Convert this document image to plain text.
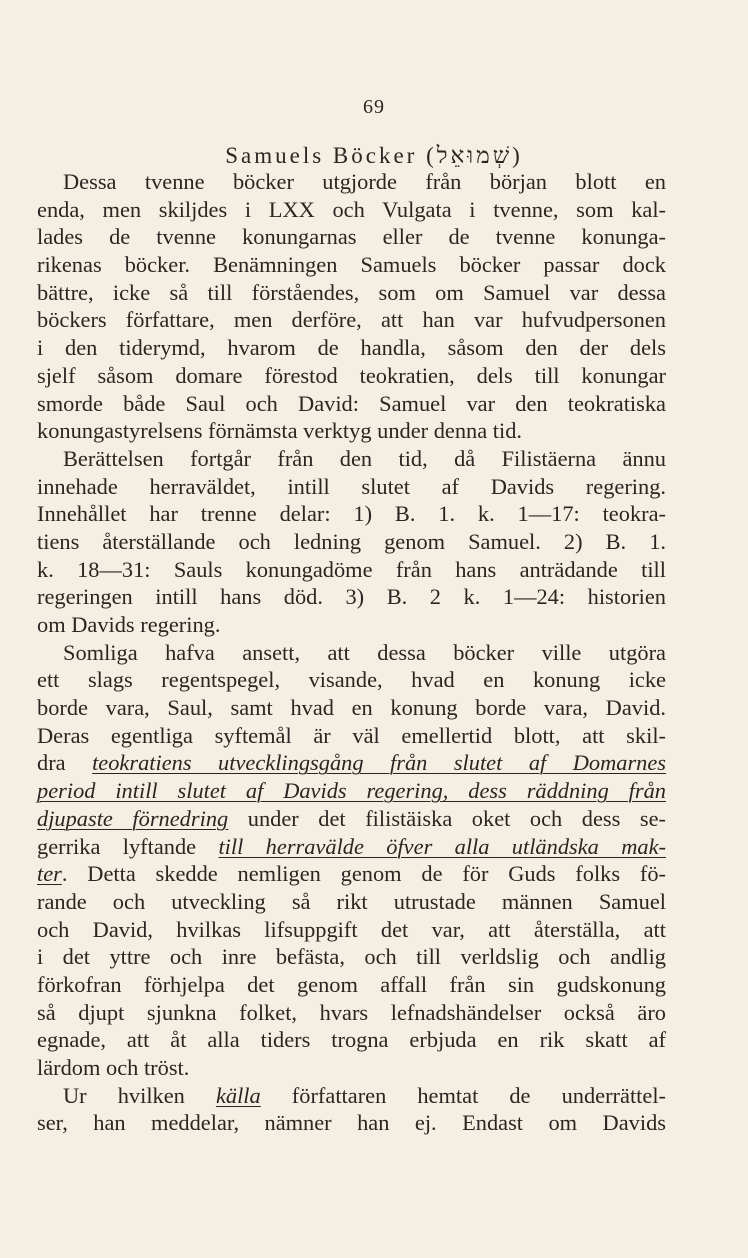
69
Samuels Böcker (שְׁמוּאֵל)
Dessa tvenne böcker utgjorde från början blott en
enda, men skiljdes i LXX och Vulgata i tvenne, som kal-
lades de tvenne konungarnas eller de tvenne konunga-
rikenas böcker. Benämningen Samuels böcker passar dock
bättre, icke så till förståendes, som om Samuel var dessa
böckers författare, men derföre, att han var hufvudpersonen
i den tiderymd, hvarom de handla, såsom den der dels
sjelf såsom domare förestod teokratien, dels till konungar
smorde både Saul och David: Samuel var den teokratiska
konungastyrelsens förnämsta verktyg under denna tid.
Berättelsen fortgår från den tid, då Filistäerna ännu
innehade herraväldet, intill slutet af Davids regering.
Innehållet har trenne delar: 1) B. 1. k. 1—17: teokra-
tiens återställande och ledning genom Samuel. 2) B. 1.
k. 18—31: Sauls konungadöme från hans anträdande till
regeringen intill hans död. 3) B. 2 k. 1—24: historien
om Davids regering.
Somliga hafva ansett, att dessa böcker ville utgöra
ett slags regentspegel, visande, hvad en konung icke
borde vara, Saul, samt hvad en konung borde vara, David.
Deras egentliga syftemål är väl emellertid blott, att skil-
dra teokratiens utvecklingsgång från slutet af Domarnes
period intill slutet af Davids regering, dess räddning från
djupaste förnedring under det filistäiska oket och dess se-
gerrika lyftande till herravälde öfver alla utländska mak-
ter. Detta skedde nemligen genom de för Guds folks fö-
rande och utveckling så rikt utrustade männen Samuel
och David, hvilkas lifsuppgift det var, att återställa, att
i det yttre och inre befästa, och till verldslig och andlig
förkofran förhjelpa det genom affall från sin gudskonung
så djupt sjunkna folket, hvars lefnadshändelser också äro
egnade, att åt alla tiders trogna erbjuda en rik skatt af
lärdom och tröst.
Ur hvilken källa författaren hemtat de underrättel-
ser, han meddelar, nämner han ej. Endast om Davids
